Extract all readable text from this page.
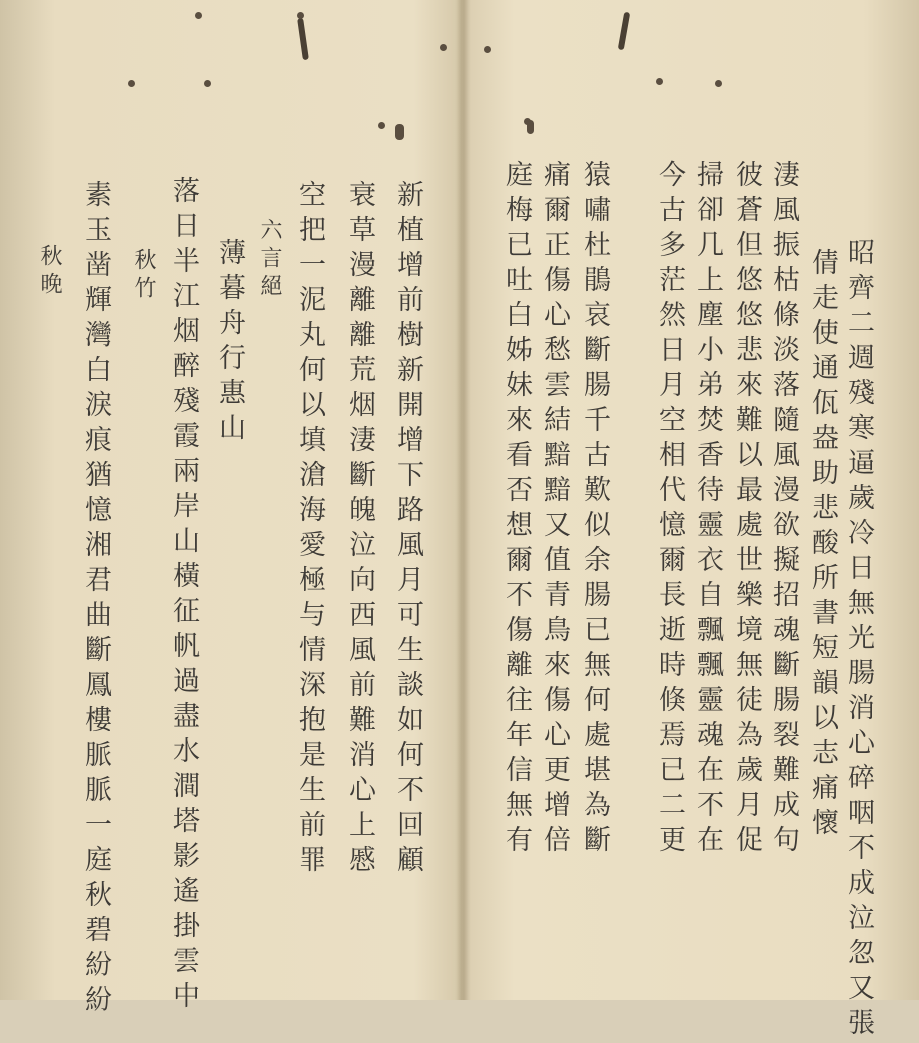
昭齊二週殘寒逼歲冷日無光腸消心碎咽不成泣忽又張
倩走使通佤盎助悲酸所書短韻以志痛懷
淒風振枯條淡落隨風漫欲擬招魂斷腸裂難成句
彼蒼但悠悠悲來難以最處世樂境無徒為歲月促
掃卻几上塵小弟焚香待靈衣自飄飄靈魂在不在
今古多茫然日月空相代憶爾長逝時倏焉已二更
猿嘯杜鵑哀斷腸千古歎似余腸已無何處堪為斷
痛爾正傷心愁雲結黯黯又值青鳥來傷心更增倍
庭梅已吐白姊妹來看否想爾不傷離往年信無有
新植增前樹新開增下路風月可生談如何不回顧
衰草漫離離荒烟淒斷魄泣向西風前難消心上慼
空把一泥丸何以填滄海愛極与情深抱是生前罪
六言絕
薄暮舟行惠山
落日半江烟醉殘霞兩岸山橫征帆過盡水澗塔影遙掛雲中
秋竹
素玉凿輝灣白淚痕猶憶湘君曲斷鳳樓脈脈一庭秋碧紛紛
秋晚
